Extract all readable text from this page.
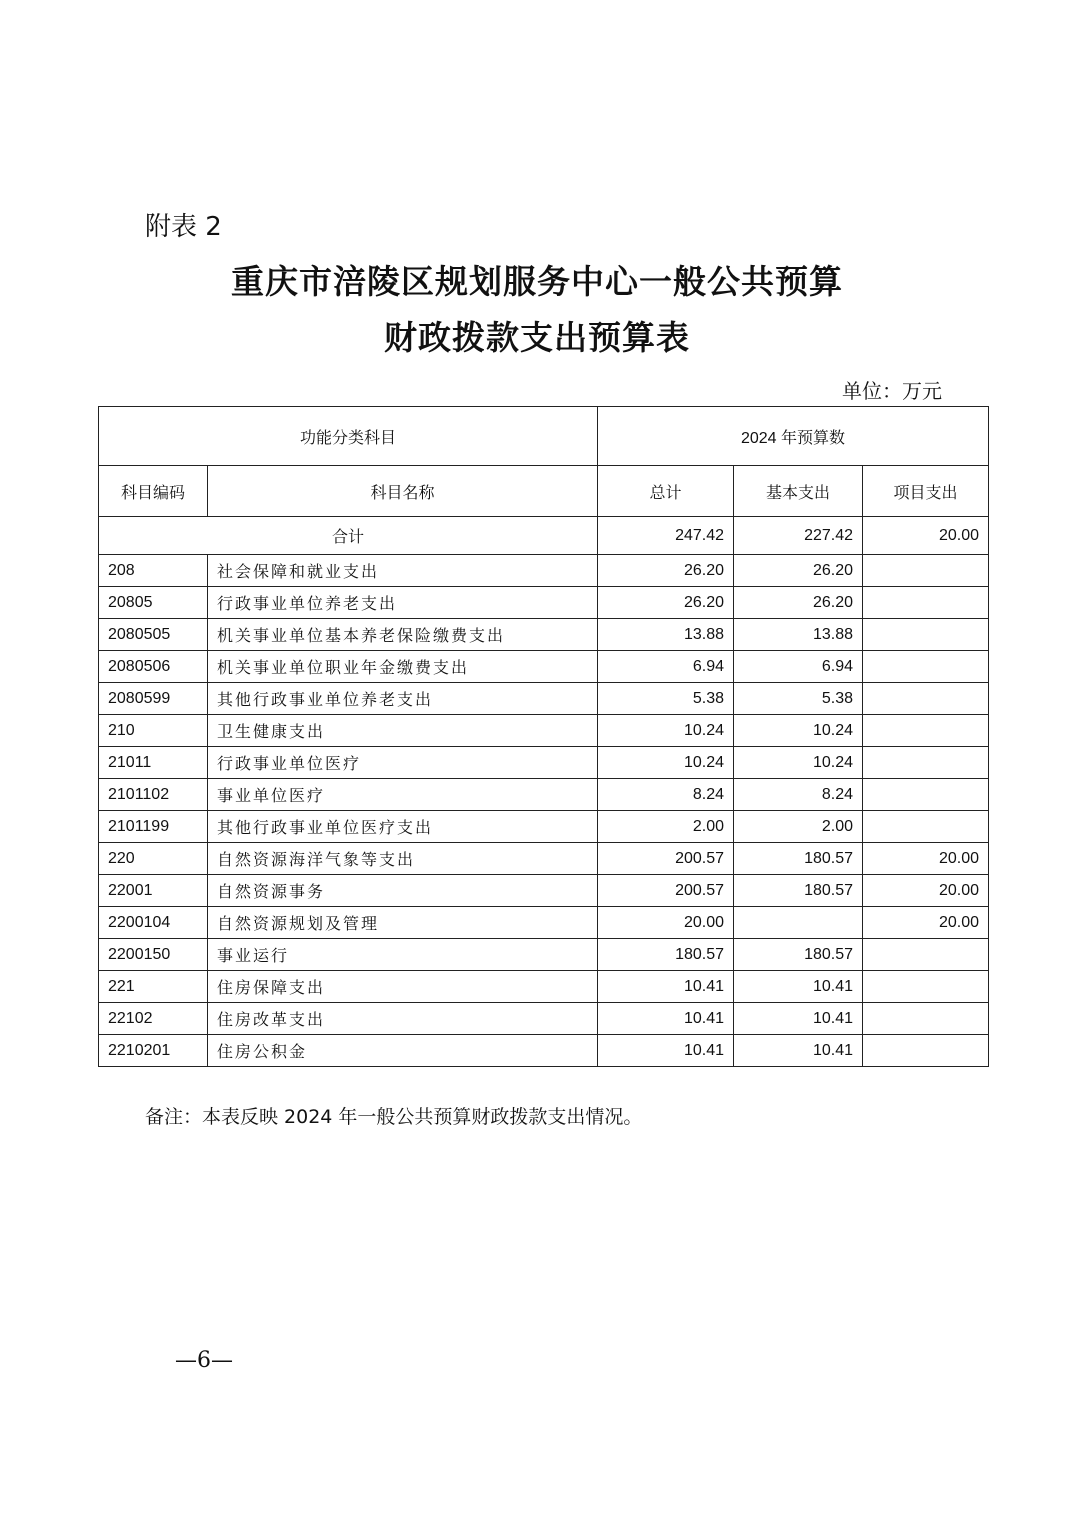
附表 2
重庆市涪陵区规划服务中心一般公共预算
财政拨款支出预算表
单位：万元
功能分类科目		2024 年预算数		
科目编码	科目名称	总计	基本支出	项目支出
合计		247.42	227.42	20.00
208	社会保障和就业支出	26.20	26.20	
20805	行政事业单位养老支出	26.20	26.20	
2080505	机关事业单位基本养老保险缴费支出	13.88	13.88	
2080506	机关事业单位职业年金缴费支出	6.94	6.94	
2080599	其他行政事业单位养老支出	5.38	5.38	
210	卫生健康支出	10.24	10.24	
21011	行政事业单位医疗	10.24	10.24	
2101102	事业单位医疗	8.24	8.24	
2101199	其他行政事业单位医疗支出	2.00	2.00	
220	自然资源海洋气象等支出	200.57	180.57	20.00
22001	自然资源事务	200.57	180.57	20.00
2200104	自然资源规划及管理	20.00		20.00
2200150	事业运行	180.57	180.57	
221	住房保障支出	10.41	10.41	
22102	住房改革支出	10.41	10.41	
2210201	住房公积金	10.41	10.41	
备注：本表反映 2024 年一般公共预算财政拨款支出情况。
—6—
